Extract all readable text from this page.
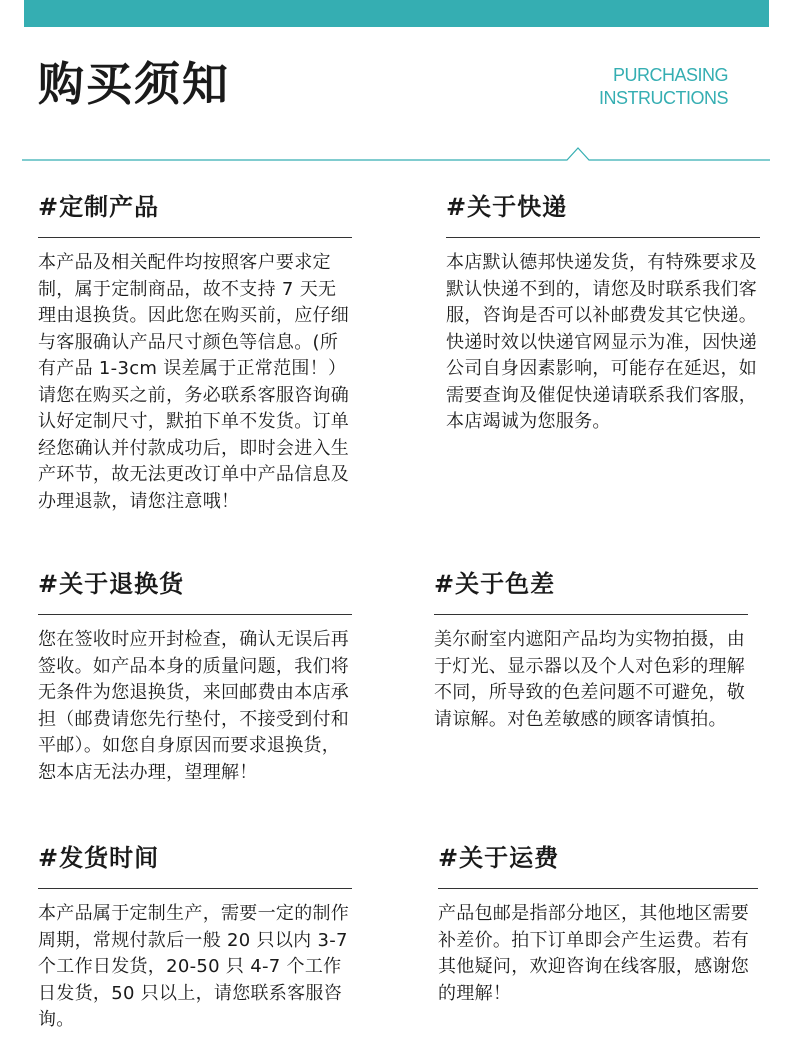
购买须知	PURCHASING
INSTRUCTIONS
#定制产品
本产品及相关配件均按照客户要求定制，属于定制商品，故不支持 7 天无理由退换货。因此您在购买前，应仔细与客服确认产品尺寸颜色等信息。(所有产品 1-3cm 误差属于正常范围！）请您在购买之前，务必联系客服咨询确认好定制尺寸，默拍下单不发货。订单经您确认并付款成功后，即时会进入生产环节，故无法更改订单中产品信息及办理退款，请您注意哦！
#关于快递
本店默认德邦快递发货，有特殊要求及默认快递不到的，请您及时联系我们客服，咨询是否可以补邮费发其它快递。快递时效以快递官网显示为准，因快递公司自身因素影响，可能存在延迟，如需要查询及催促快递请联系我们客服，本店竭诚为您服务。
#关于退换货
您在签收时应开封检查，确认无误后再签收。如产品本身的质量问题，我们将无条件为您退换货，来回邮费由本店承担（邮费请您先行垫付，不接受到付和平邮）。如您自身原因而要求退换货，恕本店无法办理，望理解！
#关于色差
美尔耐室内遮阳产品均为实物拍摄，由于灯光、显示器以及个人对色彩的理解不同，所导致的色差问题不可避免，敬请谅解。对色差敏感的顾客请慎拍。
#发货时间
本产品属于定制生产，需要一定的制作周期，常规付款后一般 20 只以内 3-7 个工作日发货，20-50 只 4-7 个工作日发货，50 只以上，请您联系客服咨询。
#关于运费
产品包邮是指部分地区，其他地区需要补差价。拍下订单即会产生运费。若有其他疑问，欢迎咨询在线客服，感谢您的理解！
